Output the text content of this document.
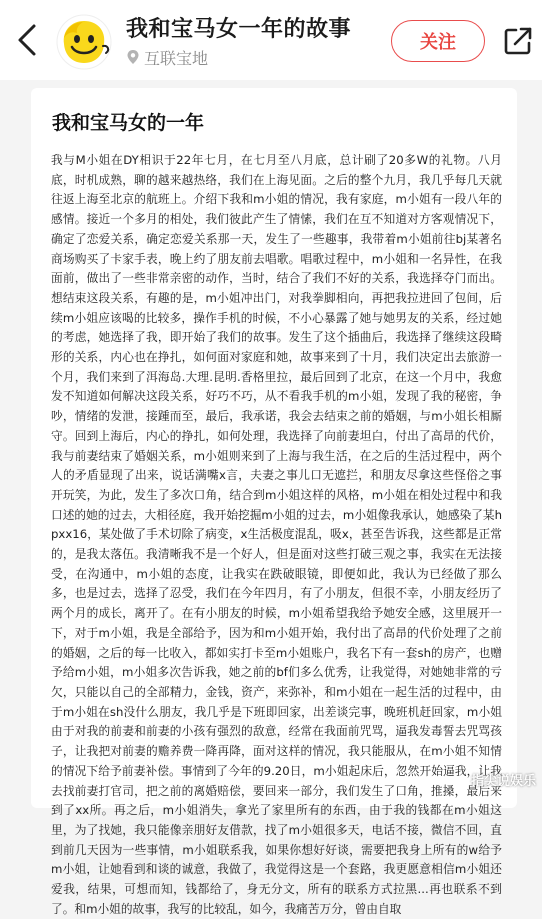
我和宝马女一年的故事
互联宝地
关注
我和宝马女的一年
我与M小姐在DY相识于22年七月，在七月至八月底，总计刷了20多W的礼物。八月底，时机成熟，聊的越来越热络，我们在上海见面。之后的整个九月，我几乎每几天就往返上海至北京的航班上。介绍下我和m小姐的情况，我有家庭，m小姐有一段八年的感情。接近一个多月的相处，我们彼此产生了情愫，我们在互不知道对方客观情况下，确定了恋爱关系，确定恋爱关系那一天，发生了一些趣事，我带着m小姐前往bj某著名商场购买了卡家手表，晚上约了朋友前去唱歌。唱歌过程中，m小姐和一名异性，在我面前，做出了一些非常亲密的动作，当时，结合了我们不好的关系，我选择夺门而出。想结束这段关系，有趣的是，m小姐冲出门，对我拳脚相向，再把我拉进回了包间，后续m小姐应该喝的比较多，操作手机的时候，不小心暴露了她与她男友的关系，经过她的考虑，她选择了我，即开始了我们的故事。发生了这个插曲后，我选择了继续这段畸形的关系，内心也在挣扎，如何面对家庭和她，故事来到了十月，我们决定出去旅游一个月，我们来到了洱海岛.大理.昆明.香格里拉，最后回到了北京，在这一个月中，我愈发不知道如何解决这段关系，好巧不巧，从不看我手机的m小姐，发现了我的秘密，争吵，情绪的发泄，接踵而至，最后，我承诺，我会去结束之前的婚姻，与m小姐长相厮守。回到上海后，内心的挣扎，如何处理，我选择了向前妻坦白，付出了高昂的代价，我与前妻结束了婚姻关系，m小姐则来到了上海与我生活，在之后的生活过程中，两个人的矛盾显现了出来，说话满嘴x言，夫妻之事儿口无遮拦，和朋友尽拿这些怪俗之事开玩笑，为此，发生了多次口角，结合到m小姐这样的风格，m小姐在相处过程中和我口述的她的过去，大相径庭，我开始挖掘m小姐的过去，m小姐像我承认，她感染了某hpxx16，某处做了手术切除了病变，x生活极度混乱，吸x，甚至告诉我，这些都是正常的，是我太落伍。我清晰我不是一个好人，但是面对这些打破三观之事，我实在无法接受，在沟通中，m小姐的态度，让我实在跌破眼镜，即便如此，我认为已经做了那么多，也是过去，选择了忍受，我们在今年四月，有了小朋友，但很不幸，小朋友经历了两个月的成长，离开了。在有小朋友的时候，m小姐希望我给予她安全感，这里展开一下，对于m小姐，我是全部给予，因为和m小姐开始，我付出了高昂的代价处理了之前的婚姻，之后的每一比收入，都如实打卡至m小姐账户，我名下有一套sh的房产，也赠予给m小姐，m小姐多次告诉我，她之前的bf们多么优秀，让我觉得，对她她非常的亏欠，只能以自己的全部精力，金钱，资产，来弥补，和m小姐在一起生活的过程中，由于m小姐在sh没什么朋友，我几乎是下班即回家，出差谈完事，晚班机赶回家，m小姐由于对我的前妻和前妻的小孩有强烈的敌意，经常在我面前咒骂，逼我发毒誓去咒骂孩子，让我把对前妻的赡养费一降再降，面对这样的情况，我只能服从，在m小姐不知情的情况下给予前妻补偿。事情到了今年的9.20日，m小姐起床后，忽然开始逼我，让我去找前妻打官司，把之前的离婚赔偿，要回来一部分，我们发生了口角，推搡，最后来到了xx所。再之后，m小姐消失，拿光了家里所有的东西，由于我的钱都在m小姐这里，为了找她，我只能像亲朋好友借款，找了m小姐很多天，电话不接，微信不回，直到前几天因为一些事情，m小姐联系我，如果你想好好谈，需要把我身上所有的w给予m小姐，让她看到和谈的诚意，我做了，我觉得这是一个套路，我更愿意相信m小姐还爱我，结果，可想而知，钱都给了，身无分文，所有的联系方式拉黑...再也联系不到了。和m小姐的故事，我写的比较乱，如今，我痛苦万分，曾由自取
指尖说娱乐
